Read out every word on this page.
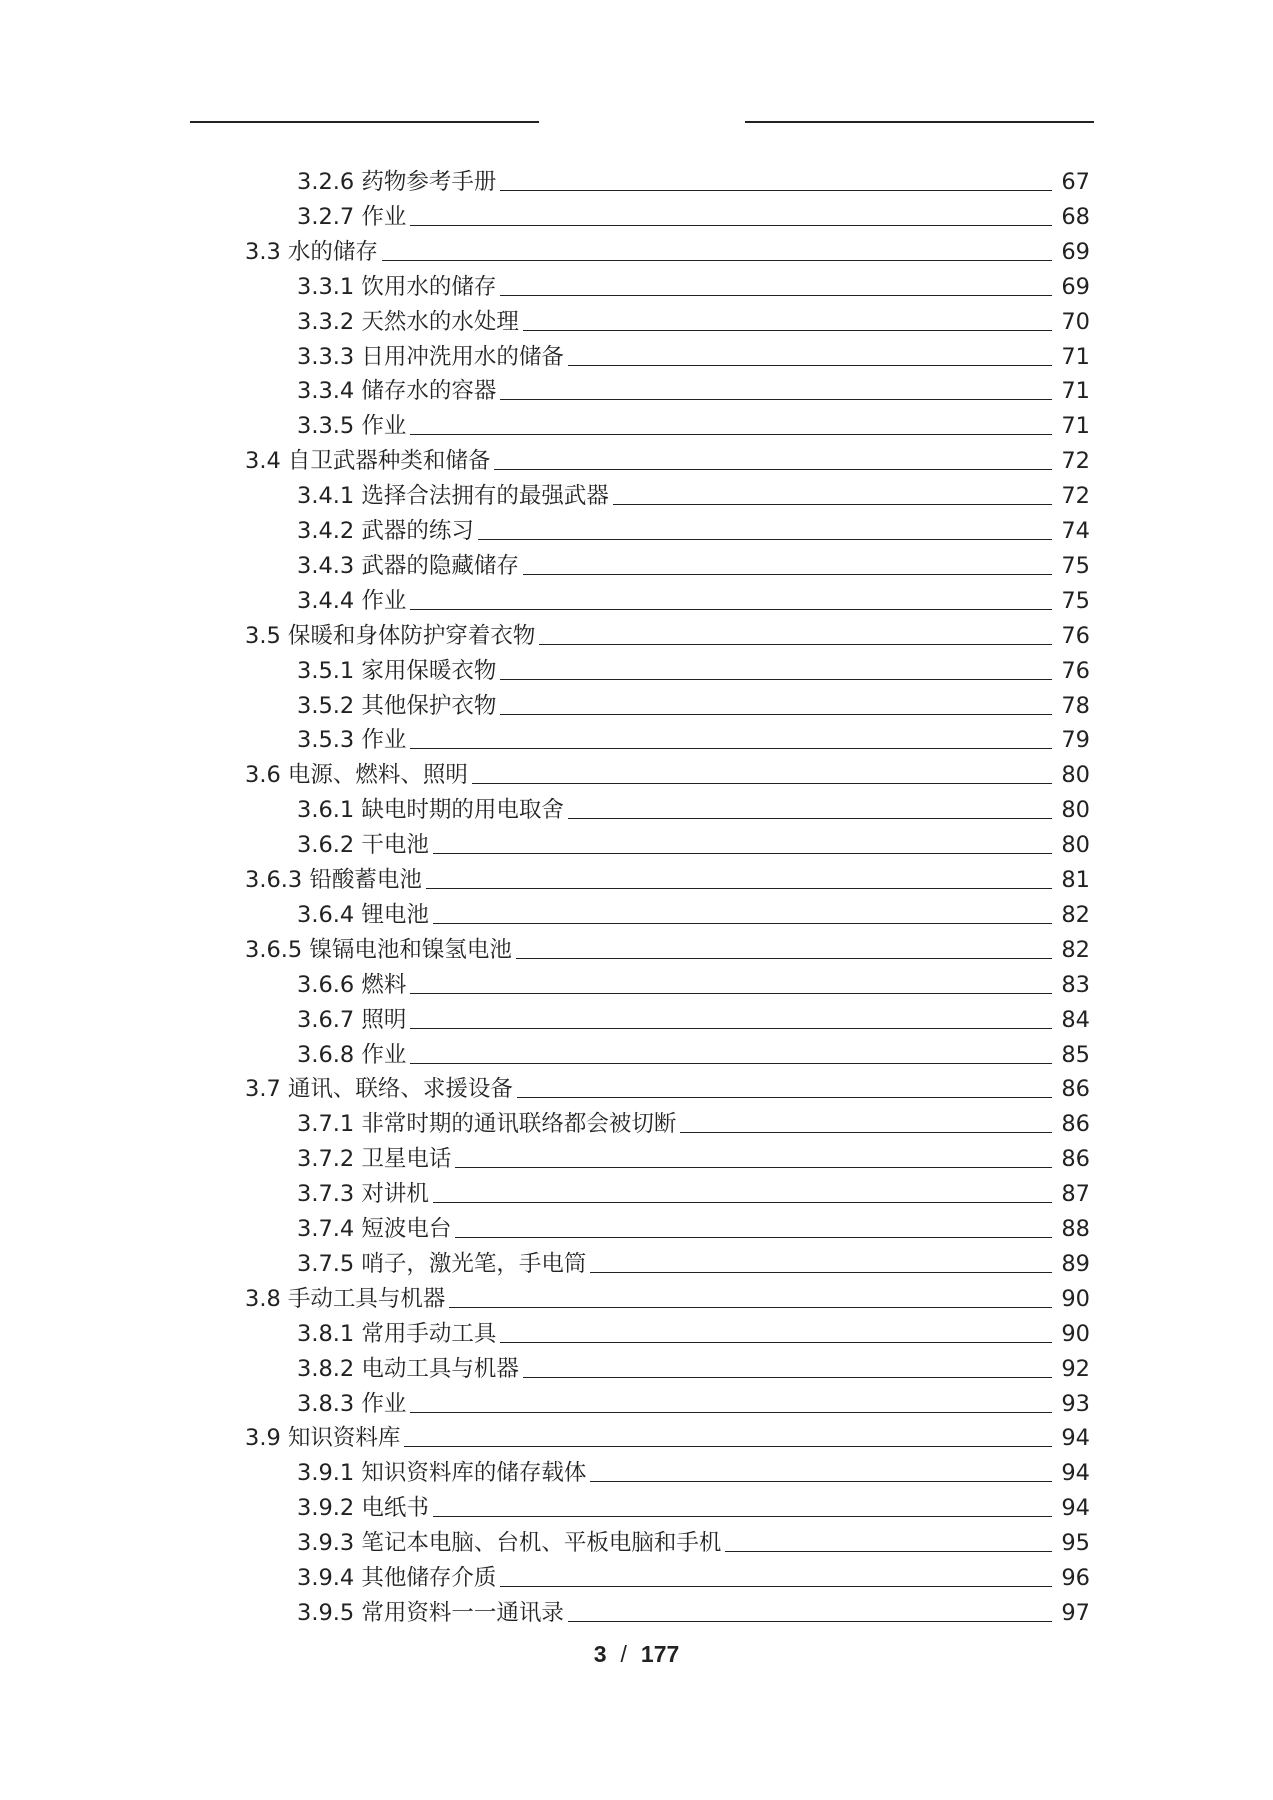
3.2.6 药物参考手册	67
3.2.7 作业	68
3.3 水的储存	69
3.3.1 饮用水的储存	69
3.3.2 天然水的水处理	70
3.3.3 日用冲洗用水的储备	71
3.3.4 储存水的容器	71
3.3.5 作业	71
3.4 自卫武器种类和储备	72
3.4.1 选择合法拥有的最强武器	72
3.4.2 武器的练习	74
3.4.3 武器的隐藏储存	75
3.4.4 作业	75
3.5 保暖和身体防护穿着衣物	76
3.5.1 家用保暖衣物	76
3.5.2 其他保护衣物	78
3.5.3 作业	79
3.6 电源、燃料、照明	80
3.6.1 缺电时期的用电取舍	80
3.6.2 干电池	80
3.6.3 铅酸蓄电池	81
3.6.4 锂电池	82
3.6.5 镍镉电池和镍氢电池	82
3.6.6 燃料	83
3.6.7 照明	84
3.6.8 作业	85
3.7 通讯、联络、求援设备	86
3.7.1 非常时期的通讯联络都会被切断	86
3.7.2 卫星电话	86
3.7.3 对讲机	87
3.7.4 短波电台	88
3.7.5 哨子，激光笔，手电筒	89
3.8 手动工具与机器	90
3.8.1 常用手动工具	90
3.8.2 电动工具与机器	92
3.8.3 作业	93
3.9 知识资料库	94
3.9.1 知识资料库的储存载体	94
3.9.2 电纸书	94
3.9.3 笔记本电脑、台机、平板电脑和手机	95
3.9.4 其他储存介质	96
3.9.5 常用资料一一通讯录	97
3 / 177
